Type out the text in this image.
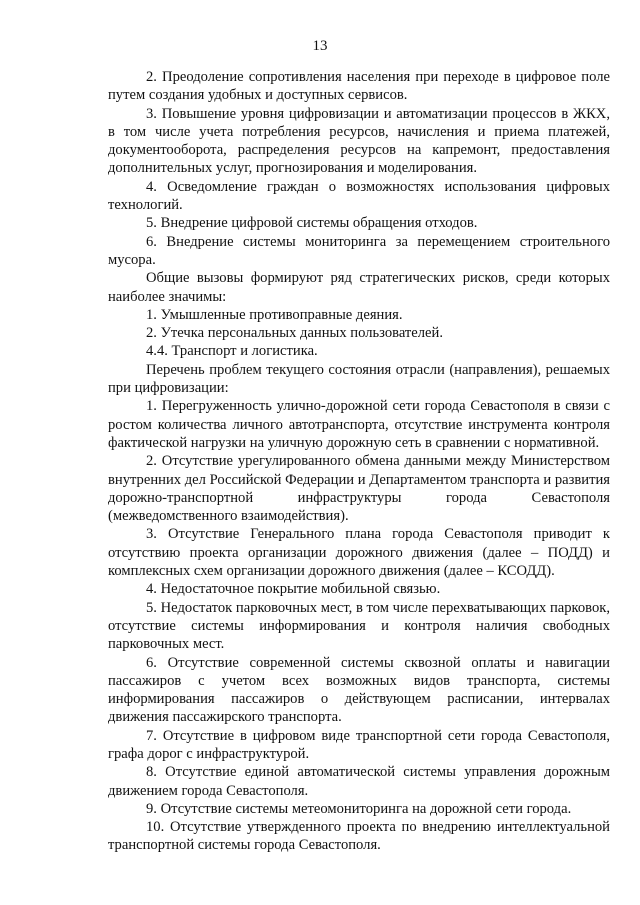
13

2. Преодоление сопротивления населения при переходе в цифровое поле путем создания удобных и доступных сервисов.

3. Повышение уровня цифровизации и автоматизации процессов в ЖКХ, в том числе учета потребления ресурсов, начисления и приема платежей, документооборота, распределения ресурсов на капремонт, предоставления дополнительных услуг, прогнозирования и моделирования.

4. Осведомление граждан о возможностях использования цифровых технологий.

5. Внедрение цифровой системы обращения отходов.

6. Внедрение системы мониторинга за перемещением строительного мусора.

Общие вызовы формируют ряд стратегических рисков, среди которых наиболее значимы:

1. Умышленные противоправные деяния.

2. Утечка персональных данных пользователей.

4.4. Транспорт и логистика.

Перечень проблем текущего состояния отрасли (направления), решаемых при цифровизации:

1. Перегруженность улично-дорожной сети города Севастополя в связи с ростом количества личного автотранспорта, отсутствие инструмента контроля фактической нагрузки на уличную дорожную сеть в сравнении с нормативной.

2. Отсутствие урегулированного обмена данными между Министерством внутренних дел Российской Федерации и Департаментом транспорта и развития дорожно-транспортной инфраструктуры города Севастополя (межведомственного взаимодействия).

3. Отсутствие Генерального плана города Севастополя приводит к отсутствию проекта организации дорожного движения (далее – ПОДД) и комплексных схем организации дорожного движения (далее – КСОДД).

4. Недостаточное покрытие мобильной связью.

5. Недостаток парковочных мест, в том числе перехватывающих парковок, отсутствие системы информирования и контроля наличия свободных парковочных мест.

6. Отсутствие современной системы сквозной оплаты и навигации пассажиров с учетом всех возможных видов транспорта, системы информирования пассажиров о действующем расписании, интервалах движения пассажирского транспорта.

7. Отсутствие в цифровом виде транспортной сети города Севастополя, графа дорог с инфраструктурой.

8. Отсутствие единой автоматической системы управления дорожным движением города Севастополя.

9. Отсутствие системы метеомониторинга на дорожной сети города.

10. Отсутствие утвержденного проекта по внедрению интеллектуальной транспортной системы города Севастополя.
